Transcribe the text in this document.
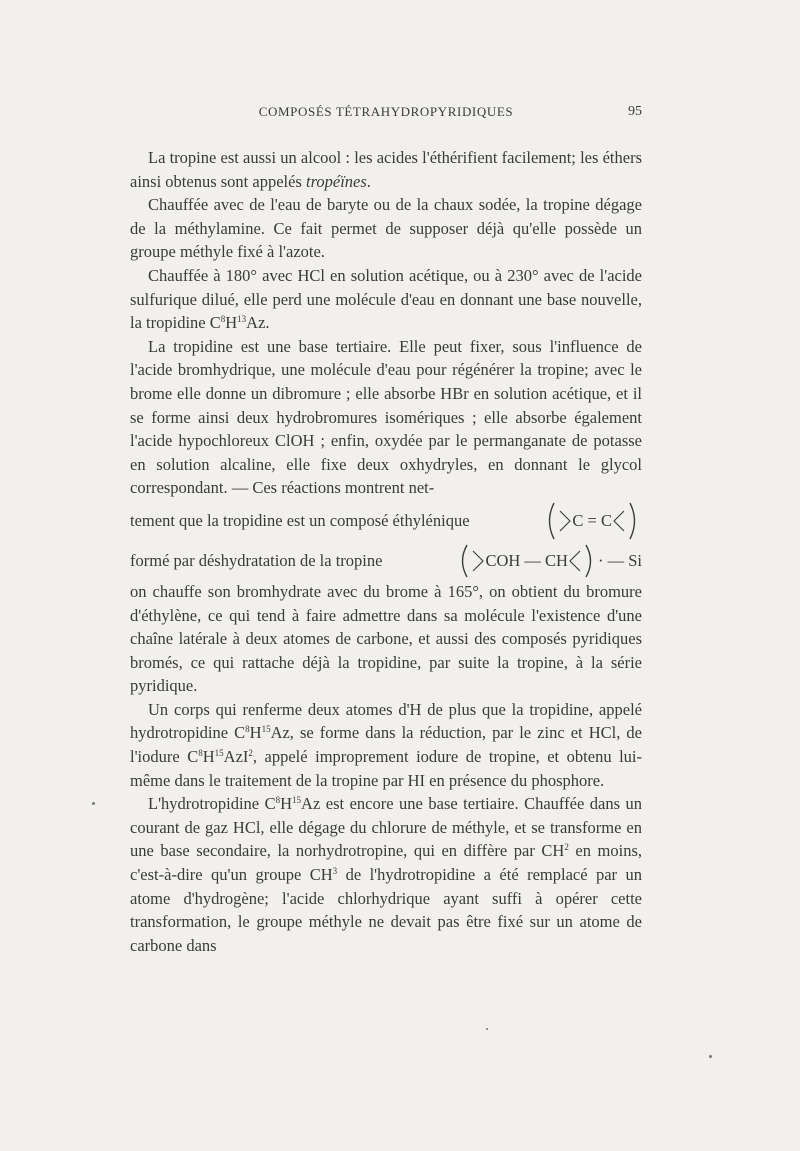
COMPOSÉS TÉTRAHYDROPYRIDIQUES	95

La tropine est aussi un alcool : les acides l'éthérifient facilement; les éthers ainsi obtenus sont appelés tropéïnes.

Chauffée avec de l'eau de baryte ou de la chaux sodée, la tropine dégage de la méthylamine. Ce fait permet de supposer déjà qu'elle possède un groupe méthyle fixé à l'azote.

Chauffée à 180° avec HCl en solution acétique, ou à 230° avec de l'acide sulfurique dilué, elle perd une molécule d'eau en donnant une base nouvelle, la tropidine $C^8H^{13}Az$.

La tropidine est une base tertiaire. Elle peut fixer, sous l'influence de l'acide bromhydrique, une molécule d'eau pour régénérer la tropine; avec le brome elle donne un dibromure ; elle absorbe HBr en solution acétique, et il se forme ainsi deux hydrobromures isomériques ; elle absorbe également l'acide hypochloreux ClOH ; enfin, oxydée par le permanganate de potasse en solution alcaline, elle fixe deux oxhydryles, en donnant le glycol correspondant. — Ces réactions montrent net-

tement que la tropidine est un composé éthylénique	C = C
formé par déshydratation de la tropine	COH — CH · — Si

on chauffe son bromhydrate avec du brome à 165°, on obtient du bromure d'éthylène, ce qui tend à faire admettre dans sa molécule l'existence d'une chaîne latérale à deux atomes de carbone, et aussi des composés pyridiques bromés, ce qui rattache déjà la tropidine, par suite la tropine, à la série pyridique.

Un corps qui renferme deux atomes d'H de plus que la tropidine, appelé hydrotropidine $C^8H^{15}Az$, se forme dans la réduction, par le zinc et HCl, de l'iodure $C^8H^{15}AzI^2$, appelé improprement iodure de tropine, et obtenu lui-même dans le traitement de la tropine par HI en présence du phosphore.

L'hydrotropidine $C^8H^{15}Az$ est encore une base tertiaire. Chauffée dans un courant de gaz HCl, elle dégage du chlorure de méthyle, et se transforme en une base secondaire, la norhydrotropine, qui en diffère par $CH^2$ en moins, c'est-à-dire qu'un groupe $CH^3$ de l'hydrotropidine a été remplacé par un atome d'hydrogène; l'acide chlorhydrique ayant suffi à opérer cette transformation, le groupe méthyle ne devait pas être fixé sur un atome de carbone dans
